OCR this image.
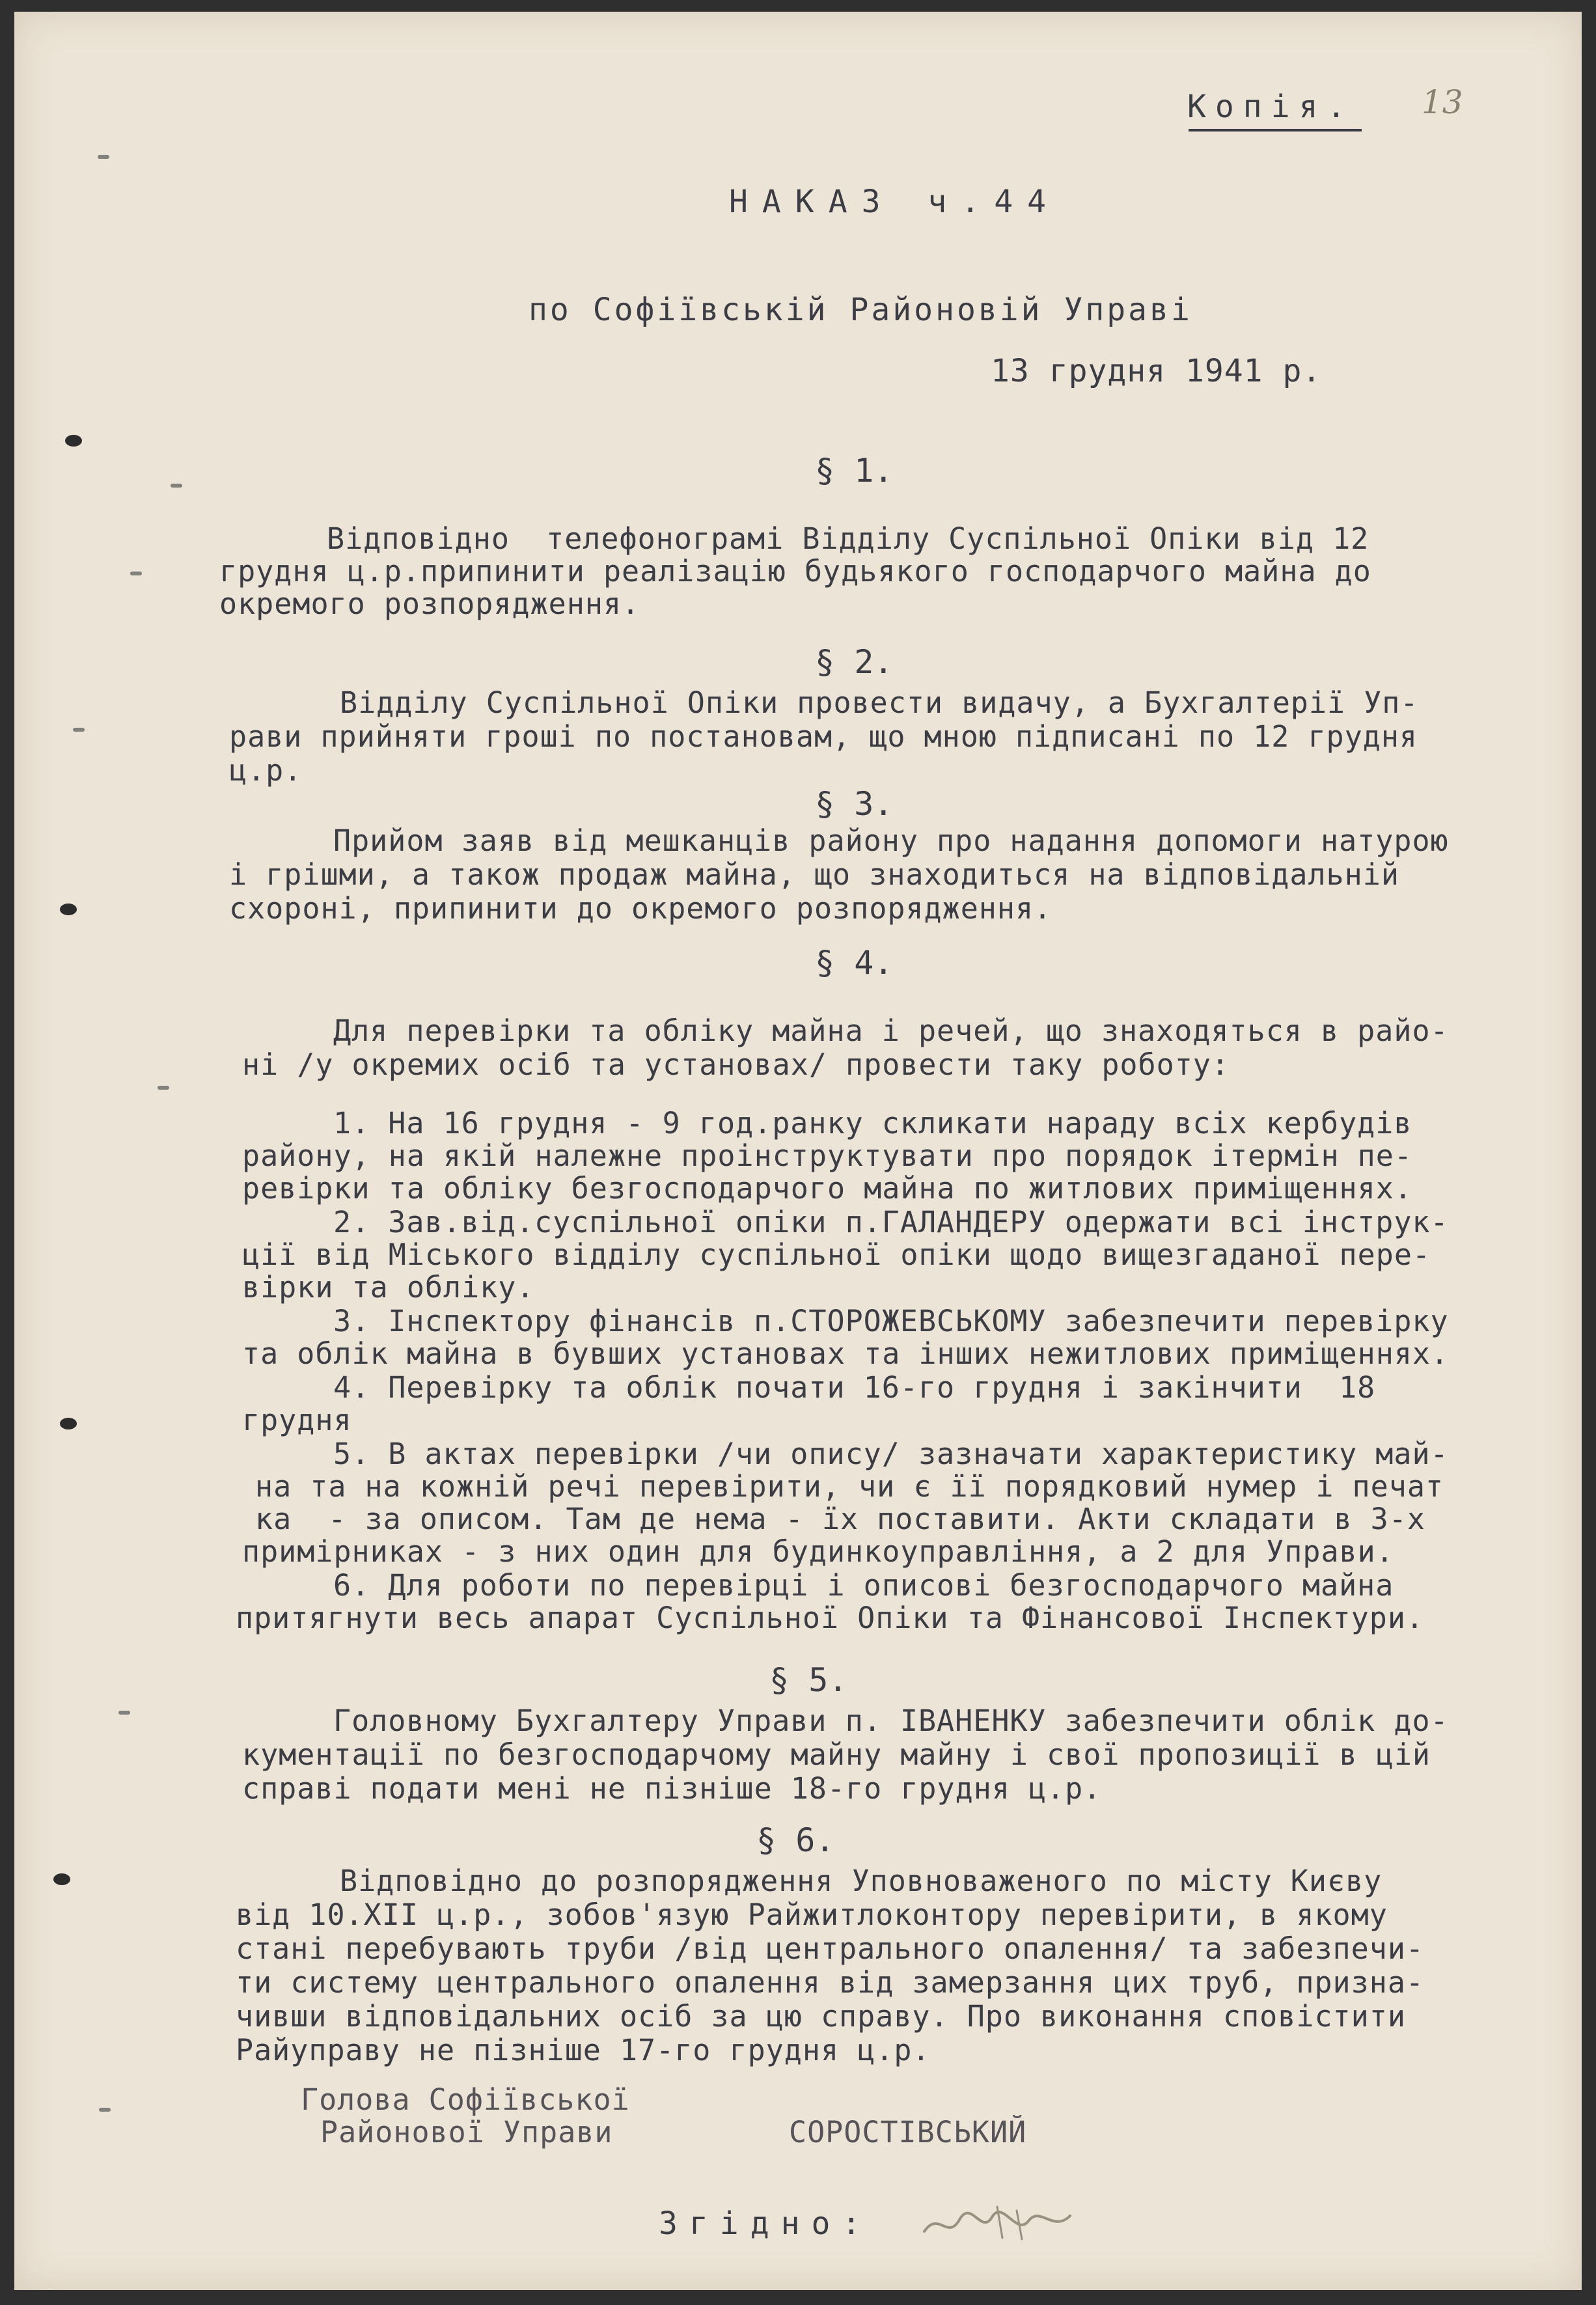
Копія. 13
НАКАЗ ч.44
по Софіївській Районовій Управі
13 грудня 1941 р.
§ 1.
Відповідно  телефонограмі Відділу Суспільної Опіки від 12
грудня ц.р.припинити реалізацію будьякого господарчого майна до
окремого розпорядження.
§ 2.
Відділу Суспільної Опіки провести видачу, а Бухгалтерії Уп-
рави прийняти гроші по постановам, що мною підписані по 12 грудня
ц.р.
§ 3.
Прийом заяв від мешканців району про надання допомоги натурою
і грішми, а також продаж майна, що знаходиться на відповідальній
схороні, припинити до окремого розпорядження.
§ 4.
Для перевірки та обліку майна і речей, що знаходяться в райо-
ні /у окремих осіб та установах/ провести таку роботу:
1. На 16 грудня - 9 год.ранку скликати нараду всіх кербудів
району, на якій належне проінструктувати про порядок ітермін пе-
ревірки та обліку безгосподарчого майна по житлових приміщеннях.
2. Зав.від.суспільної опіки п.ГАЛАНДЕРУ одержати всі інструк-
ції від Міського відділу суспільної опіки щодо вищезгаданої пере-
вірки та обліку.
3. Інспектору фінансів п.СТОРОЖЕВСЬКОМУ забезпечити перевірку
та облік майна в бувших установах та інших нежитлових приміщеннях.
4. Перевірку та облік почати 16-го грудня і закінчити  18
грудня
5. В актах перевірки /чи опису/ зазначати характеристику май-
на та на кожній речі перевірити, чи є її порядковий нумер і печат
ка  - за описом. Там де нема - їх поставити. Акти складати в 3-х
примірниках - з них один для будинкоуправління, а 2 для Управи.
6. Для роботи по перевірці і описові безгосподарчого майна
притягнути весь апарат Суспільної Опіки та Фінансової Інспектури.
§ 5.
Головному Бухгалтеру Управи п. ІВАНЕНКУ забезпечити облік до-
кументації по безгосподарчому майну майну і свої пропозиції в цій
справі подати мені не пізніше 18-го грудня ц.р.
§ 6.
Відповідно до розпорядження Уповноваженого по місту Києву
від 10.XII ц.р., зобов'язую Райжитлоконтору перевірити, в якому
стані перебувають труби /від центрального опалення/ та забезпечи-
ти систему центрального опалення від замерзання цих труб, призна-
чивши відповідальних осіб за цю справу. Про виконання сповістити
Райуправу не пізніше 17-го грудня ц.р.
Голова Софіївської
Районової Управи	СОРОСТІВСЬКИЙ
Згідно:
